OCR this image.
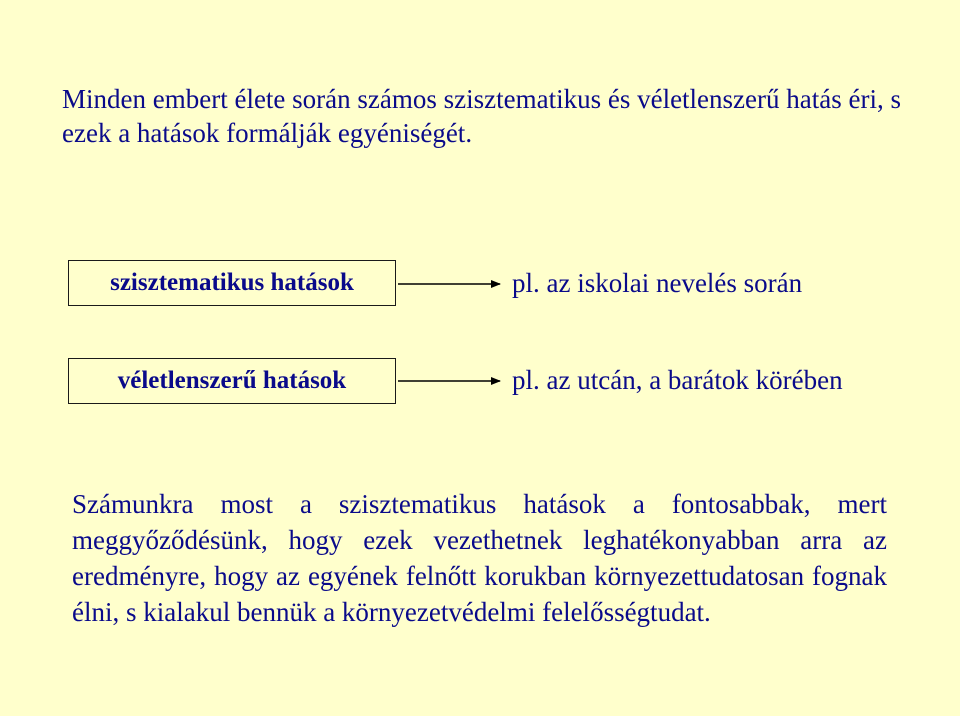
Minden embert élete során számos szisztematikus és véletlenszerű hatás éri, s ezek a hatások formálják egyéniségét.

szisztematikus hatások
véletlenszerű hatások
pl. az iskolai nevelés során
pl. az utcán, a barátok körében

Számunkra most a szisztematikus hatások a fontosabbak, mert meggyőződésünk, hogy ezek vezethetnek leghatékonyabban arra az eredményre, hogy az egyének felnőtt korukban környezettudatosan fognak élni, s kialakul bennük a környezetvédelmi felelősségtudat.
